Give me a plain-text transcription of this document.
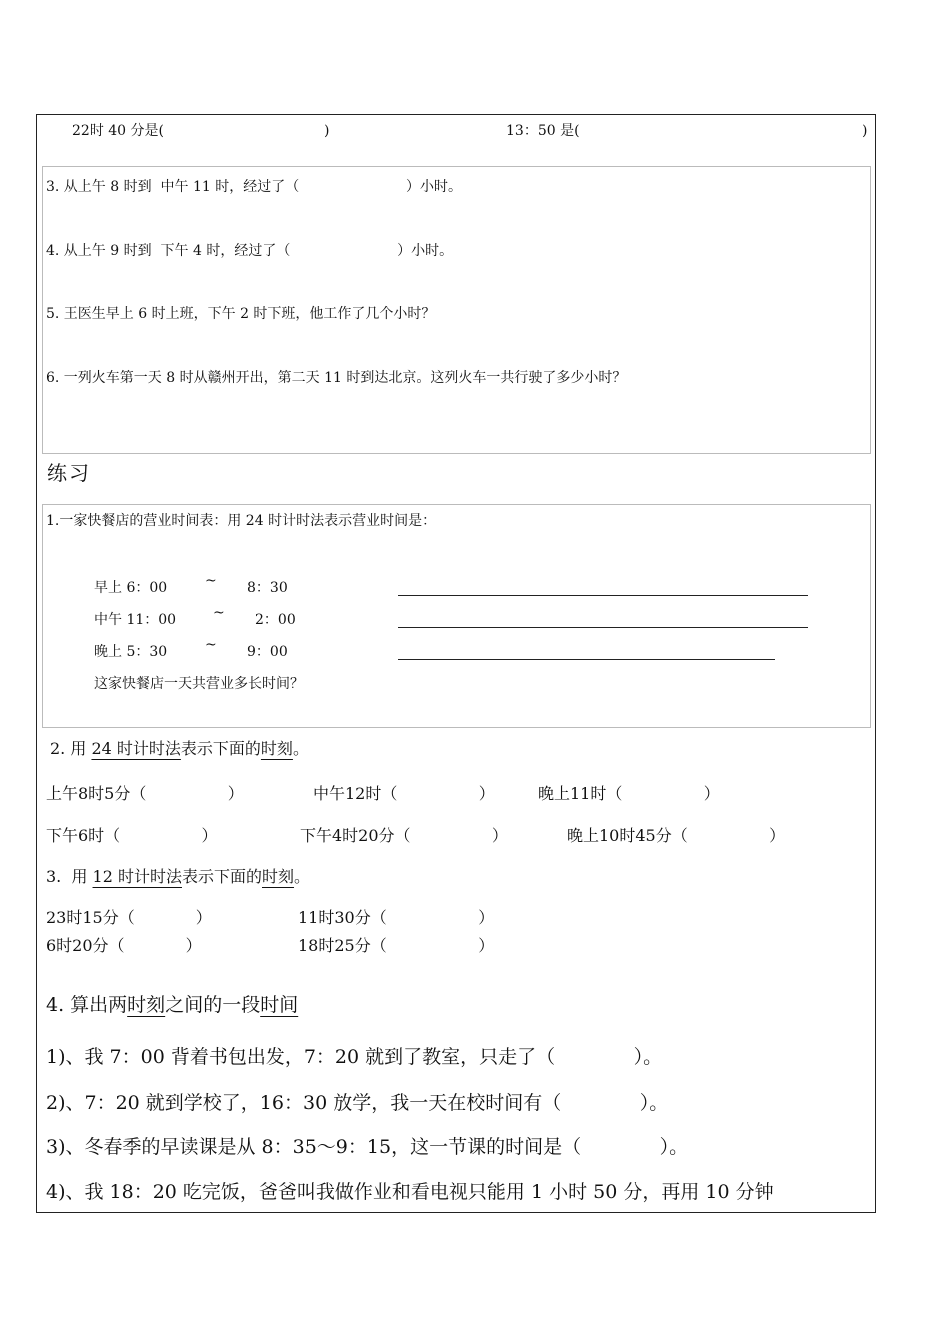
22时 40 分是(	)	13：50 是(	)
3. 从上午 8 时到  中午 11 时，经过了（                        ）小时。
4. 从上午 9 时到  下午 4 时，经过了（                        ）小时。
5. 王医生早上 6 时上班，下午 2 时下班，他工作了几个小时？
6. 一列火车第一天 8 时从赣州开出，第二天 11 时到达北京。这列火车一共行驶了多少小时？
练习
1.一家快餐店的营业时间表：用 24 时计时法表示营业时间是：
早上 6：00	~ 8：30
中午 11：00	~ 2：00
晚上 5：30	~ 9：00
这家快餐店一天共营业多长时间？
2. 用 24 时计时法表示下面的时刻。
上午8时5分（                ）	中午12时（                ）	晚上11时（                ）
下午6时（                ）	下午4时20分（                ）	晚上10时45分（                ）
3.  用 12 时计时法表示下面的时刻。
23时15分（            ）	11时30分（                  ）
6时20分（            ）	18时25分（                  ）
4. 算出两时刻之间的一段时间
1)、我 7：00 背着书包出发，7：20 就到了教室，只走了（             ）。
2)、7：20 就到学校了，16：30 放学，我一天在校时间有（             ）。
3)、冬春季的早读课是从 8：35～9：15，这一节课的时间是（             ）。
4)、我 18：20 吃完饭，爸爸叫我做作业和看电视只能用 1 小时 50 分，再用 10 分钟
